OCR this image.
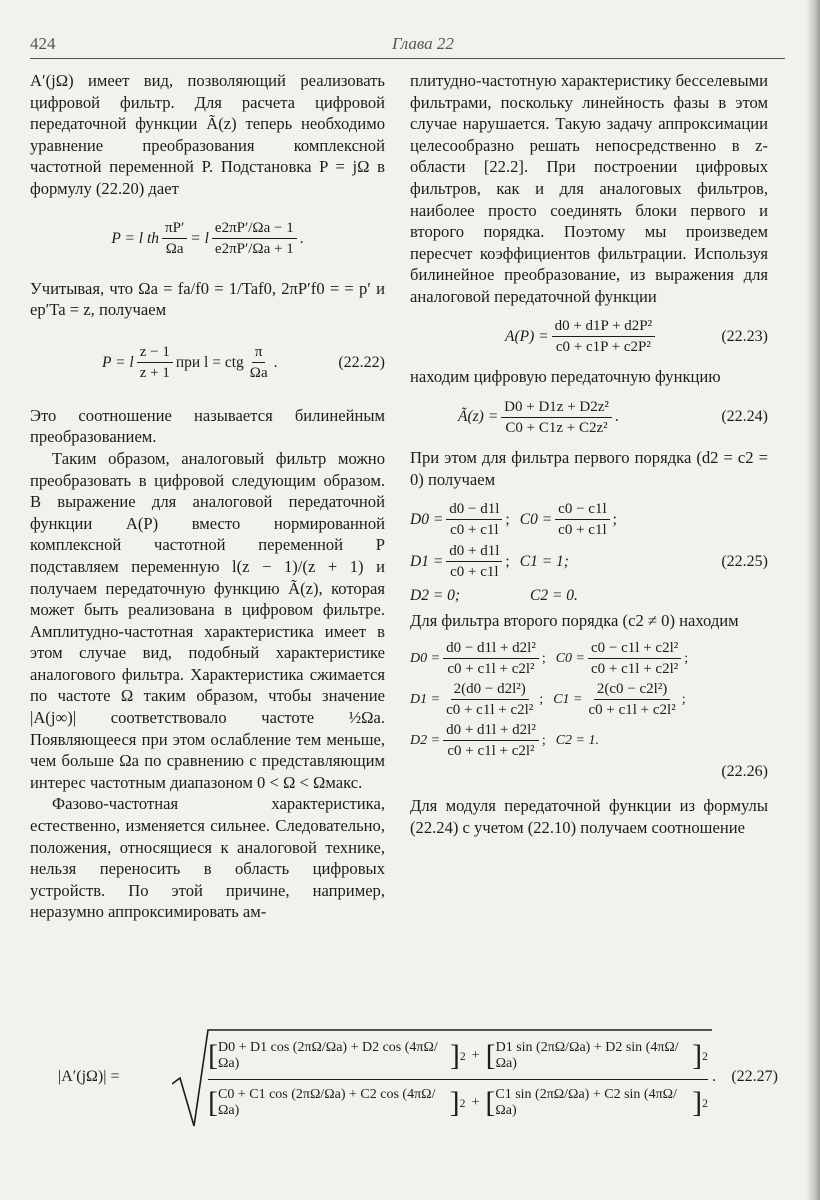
424	Глава 22

A′(jΩ) имеет вид, позволяющий реализовать цифровой фильтр. Для расчета цифровой передаточной функции Ã(z) теперь необходимо уравнение преобразования комплексной частотной переменной P. Подстановка P = jΩ в формулу (22.20) дает

P = l th $\frac{\pi P'}{\Omega a} = l \frac{e2\pi P'/\Omega a - 1}{e2\pi P'/\Omega a + 1}$ .

Учитывая, что Ωa = fa/f0 = 1/Taf0, 2πP′f0 = = p′ и ep′Ta = z, получаем

P = l $\frac{z - 1}{z + 1}$ при l = ctg $\frac{\pi}{\Omega a}$ .	(22.22)

Это соотношение называется билинейным преобразованием.

Таким образом, аналоговый фильтр можно преобразовать в цифровой следующим образом. В выражение для аналоговой передаточной функции A(P) вместо нормированной комплексной частотной переменной P подставляем переменную l(z − 1)/(z + 1) и получаем передаточную функцию Ã(z), которая может быть реализована в цифровом фильтре. Амплитудно-частотная характеристика имеет в этом случае вид, подобный характеристике аналогового фильтра. Характеристика сжимается по частоте Ω таким образом, чтобы значение |A(j∞)| соответствовало частоте ½Ωa. Появляющееся при этом ослабление тем меньше, чем больше Ωa по сравнению с представляющим интерес частотным диапазоном 0 < Ω < Ωмакс.

Фазово-частотная характеристика, естественно, изменяется сильнее. Следовательно, положения, относящиеся к аналоговой технике, нельзя переносить в область цифровых устройств. По этой причине, например, неразумно аппроксимировать ам-

плитудно-частотную характеристику бесселевыми фильтрами, поскольку линейность фазы в этом случае нарушается. Такую задачу аппроксимации целесообразно решать непосредственно в z-области [22.2]. При построении цифровых фильтров, как и для аналоговых фильтров, наиболее просто соединять блоки первого и второго порядка. Поэтому мы произведем пересчет коэффициентов фильтрации. Используя билинейное преобразование, из выражения для аналоговой передаточной функции

$A(P) = \frac{\text{d0 + d1P + d2P²}}{\text{c0 + c1P + c2P²}}$	(22.23)

находим цифровую передаточную функцию

Ã(z) = $\frac{\text{D0 + D1z + D2z²}}{\text{C0 + C1z + C2z²}}$ .	(22.24)

При этом для фильтра первого порядка (d2 = c2 = 0) получаем

$D0 = \frac{d0 - d1l}{c0 + c1l}$ ; $C0 = \frac{c0 - c1l}{c0 + c1l}$ ;
$D1 = \frac{d0 + d1l}{c0 + c1l}$ ; C1 = 1;	(22.25)
D2 = 0;	C2 = 0.

Для фильтра второго порядка (c2 ≠ 0) находим

$D0 = \frac{\text{d0 − d1l + d2l²}}{\text{c0 + c1l + c2l²}}$ ; $C0 = \frac{\text{c0 − c1l + c2l²}}{\text{c0 + c1l + c2l²}}$ ;
$D1 = \frac{\text{2(d0 − d2l²)}}{\text{c0 + c1l + c2l²}}$ ; $C1 = \frac{\text{2(c0 − c2l²)}}{\text{c0 + c1l + c2l²}}$ ;
$D2 = \frac{\text{d0 + d1l + d2l²}}{\text{c0 + c1l + c2l²}}$ ; C2 = 1.
(22.26)

Для модуля передаточной функции из формулы (22.24) с учетом (22.10) получаем соотношение

|A′(jΩ)| =
[ D0 + D1 cos (2πΩ/Ωa) + D2 cos (4πΩ/Ωa)	] 2 + [ D1 sin (2πΩ/Ωa) + D2 sin (4πΩ/Ωa)	] 2
[ C0 + C1 cos (2πΩ/Ωa) + C2 cos (4πΩ/Ωa)	] 2 + [ C1 sin (2πΩ/Ωa) + C2 sin (4πΩ/Ωa)	] 2
. (22.27)
